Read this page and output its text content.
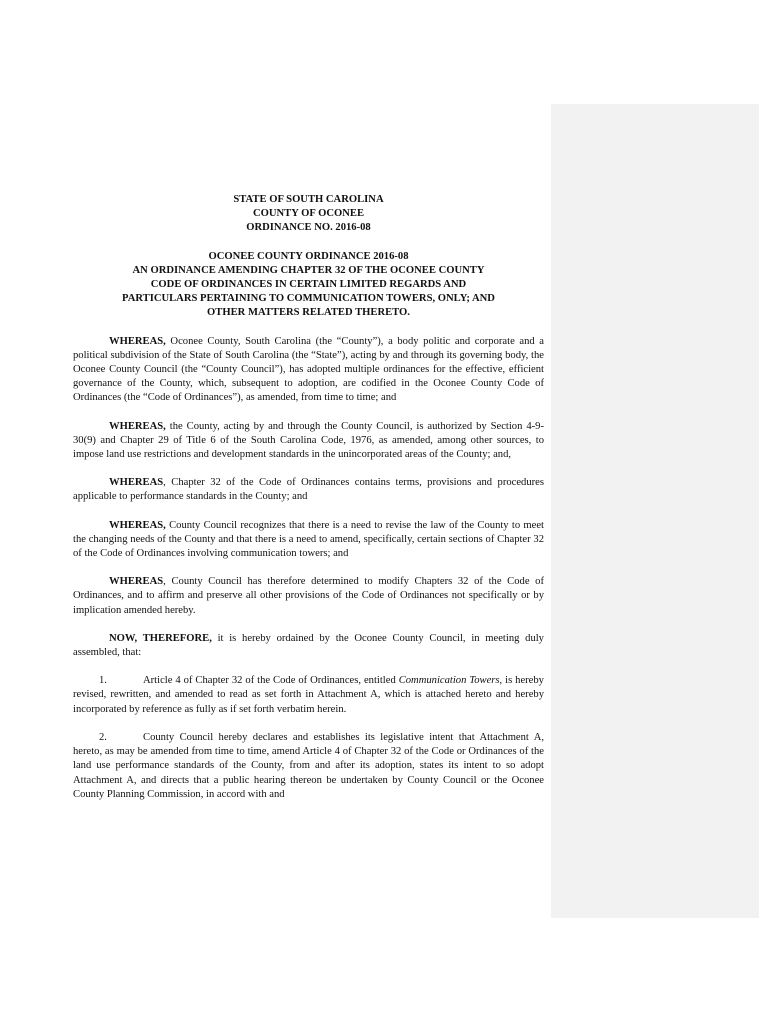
STATE OF SOUTH CAROLINA
COUNTY OF OCONEE
ORDINANCE NO. 2016-08
OCONEE COUNTY ORDINANCE 2016-08
AN ORDINANCE AMENDING CHAPTER 32 OF THE OCONEE COUNTY
CODE OF ORDINANCES IN CERTAIN LIMITED REGARDS AND
PARTICULARS PERTAINING TO COMMUNICATION TOWERS, ONLY; AND
OTHER MATTERS RELATED THERETO.

WHEREAS, Oconee County, South Carolina (the “County”), a body politic and corporate and a political subdivision of the State of South Carolina (the “State”), acting by and through its governing body, the Oconee County Council (the “County Council”), has adopted multiple ordinances for the effective, efficient governance of the County, which, subsequent to adoption, are codified in the Oconee County Code of Ordinances (the “Code of Ordinances”), as amended, from time to time; and

WHEREAS, the County, acting by and through the County Council, is authorized by Section 4-9-30(9) and Chapter 29 of Title 6 of the South Carolina Code, 1976, as amended, among other sources, to impose land use restrictions and development standards in the unincorporated areas of the County; and,

WHEREAS, Chapter 32 of the Code of Ordinances contains terms, provisions and procedures applicable to performance standards in the County; and

WHEREAS, County Council recognizes that there is a need to revise the law of the County to meet the changing needs of the County and that there is a need to amend, specifically, certain sections of Chapter 32 of the Code of Ordinances involving communication towers; and

WHEREAS, County Council has therefore determined to modify Chapters 32 of the Code of Ordinances, and to affirm and preserve all other provisions of the Code of Ordinances not specifically or by implication amended hereby.

NOW, THEREFORE, it is hereby ordained by the Oconee County Council, in meeting duly assembled, that:

1.	Article 4 of Chapter 32 of the Code of Ordinances, entitled Communication Towers, is hereby revised, rewritten, and amended to read as set forth in Attachment A, which is attached hereto and hereby incorporated by reference as fully as if set forth verbatim herein.

2.	County Council hereby declares and establishes its legislative intent that Attachment A, hereto, as may be amended from time to time, amend Article 4 of Chapter 32 of the Code or Ordinances of the land use performance standards of the County, from and after its adoption, states its intent to so adopt Attachment A, and directs that a public hearing thereon be undertaken by County Council or the Oconee County Planning Commission, in accord with and
